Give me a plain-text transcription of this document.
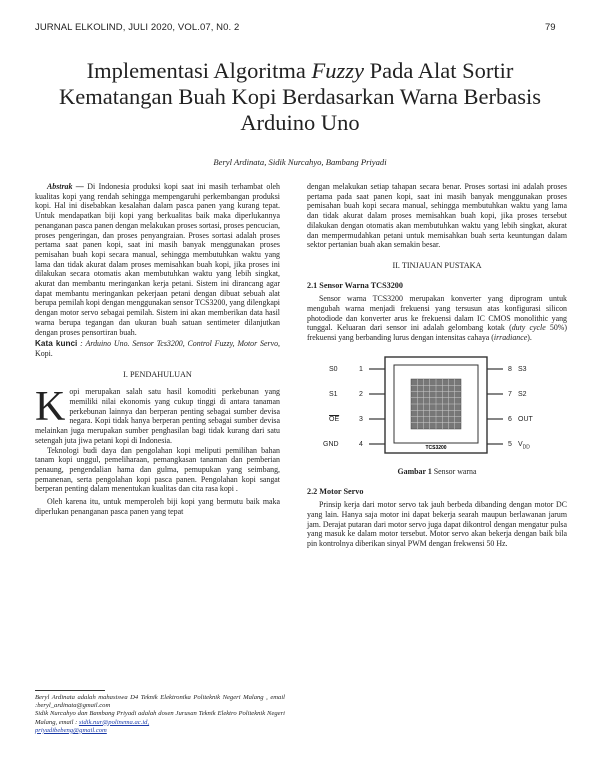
JURNAL ELKOLIND, JULI 2020, VOL.07, N0. 2	79
Implementasi Algoritma Fuzzy Pada Alat Sortir Kematangan Buah Kopi Berdasarkan Warna Berbasis Arduino Uno
Beryl Ardinata, Sidik Nurcahyo, Bambang Priyadi

Abstrak — Di Indonesia produksi kopi saat ini masih terhambat oleh kualitas kopi yang rendah sehingga mempengaruhi perkembangan produksi kopi. Hal ini disebabkan kesalahan dalam pasca panen yang kurang tepat. Untuk mendapatkan biji kopi yang berkualitas baik maka diperlukannya penanganan pasca panen dengan melakukan proses sortasi, proses pencucian, proses pengeringan, dan proses penyangraian. Proses sortasi adalah proses pertama saat panen kopi, saat ini masih banyak menggunakan proses pemisahan buah kopi secara manual, sehingga membutuhkan waktu yang lama dan tidak akurat dalam proses memisahkan buah kopi, jika proses ini dilakukan secara otomatis akan membutuhkan waktu yang lebih singkat, akurat dan membantu meringankan kerja petani. Sistem ini dirancang agar dapat membantu meringankan pekerjaan petani dengan dibuat sebuah alat berupa pemilah kopi dengan menggunakan sensor TCS3200, yang dilengkapi dengan motor servo sebagai pemilah. Sistem ini akan memberikan data hasil warna berupa tegangan dan ukuran buah satuan sentimeter dilanjutkan dengan proses pensortiran buah.

Kata kunci : Arduino Uno. Sensor Tcs3200, Control Fuzzy, Motor Servo, Kopi.

I. PENDAHULUAN

Kopi merupakan salah satu hasil komoditi perkebunan yang memiliki nilai ekonomis yang cukup tinggi di antara tanaman perkebunan lainnya dan berperan penting sebagai sumber devisa negara. Kopi tidak hanya berperan penting sebagai sumber devisa melainkan juga merupakan sumber penghasilan bagi tidak kurang dari satu setengah juta jiwa petani kopi di Indonesia.

Teknologi budi daya dan pengolahan kopi meliputi pemilihan bahan tanam kopi unggul, pemeliharaan, pemangkasan tanaman dan pemberian penaung, pengendalian hama dan gulma, pemupukan yang seimbang, pemanenan, serta pengolahan kopi pasca panen. Pengolahan kopi sangat berperan penting dalam menentukan kualitas dan cita rasa kopi .

Oleh karena itu, untuk memperoleh biji kopi yang bermutu baik maka diperlukan penanganan pasca panen yang tepat

dengan melakukan setiap tahapan secara benar. Proses sortasi ini adalah proses pertama pada saat panen kopi, saat ini masih banyak menggunakan proses pemisahan buah kopi secara manual, sehingga membutuhkan waktu yang lama dan tidak akurat dalam proses memisahkan buah kopi, jika proses tersebut dilakukan dengan otomatis akan membutuhkan waktu yang lebih singkat, akurat dan mempermudahkan petani untuk memisahkan buah serta keuntungan dalam sektor pertanian buah akan semakin besar.

II. TINJAUAN PUSTAKA
2.1 Sensor Warna TCS3200

Sensor warna TCS3200 merupakan konverter yang diprogram untuk mengubah warna menjadi frekuensi yang tersusun atas konfigurasi silicon photodiode dan konverter arus ke frekuensi dalam IC CMOS monolithic yang tunggal. Keluaran dari sensor ini adalah gelombang kotak (duty cycle 50%) frekuensi yang berbanding lurus dengan intensitas cahaya (irradiance).

TCS3200
S0	1
S1	2
$\overline{OE}$	3
GND	4
8 S3
7 S2
6 OUT
5 $V_{DD}$
Gambar 1 Sensor warna
2.2 Motor Servo

Prinsip kerja dari motor servo tak jauh berbeda dibanding dengan motor DC yang lain. Hanya saja motor ini dapat bekerja searah maupun berlawanan jarum jam. Derajat putaran dari motor servo juga dapat dikontrol dengan mengatur pulsa yang masuk ke dalam motor tersebut. Motor servo akan bekerja dengan baik bila pin kontrolnya diberikan sinyal PWM dengan frekwensi 50 Hz.

Beryl Ardinata adalah mahasiswa D4 Teknik Elektronika Politeknik Negeri Malang , email :beryl_ardinata@gmail.com
Sidik Nurcahyo dan Bambang Priyadi adalah dosen Jurusan Teknik Elektro Politeknik Negeri Malang, email : sidik.nur@polinema.ac.id,
priyadibebeng@gmail.com
